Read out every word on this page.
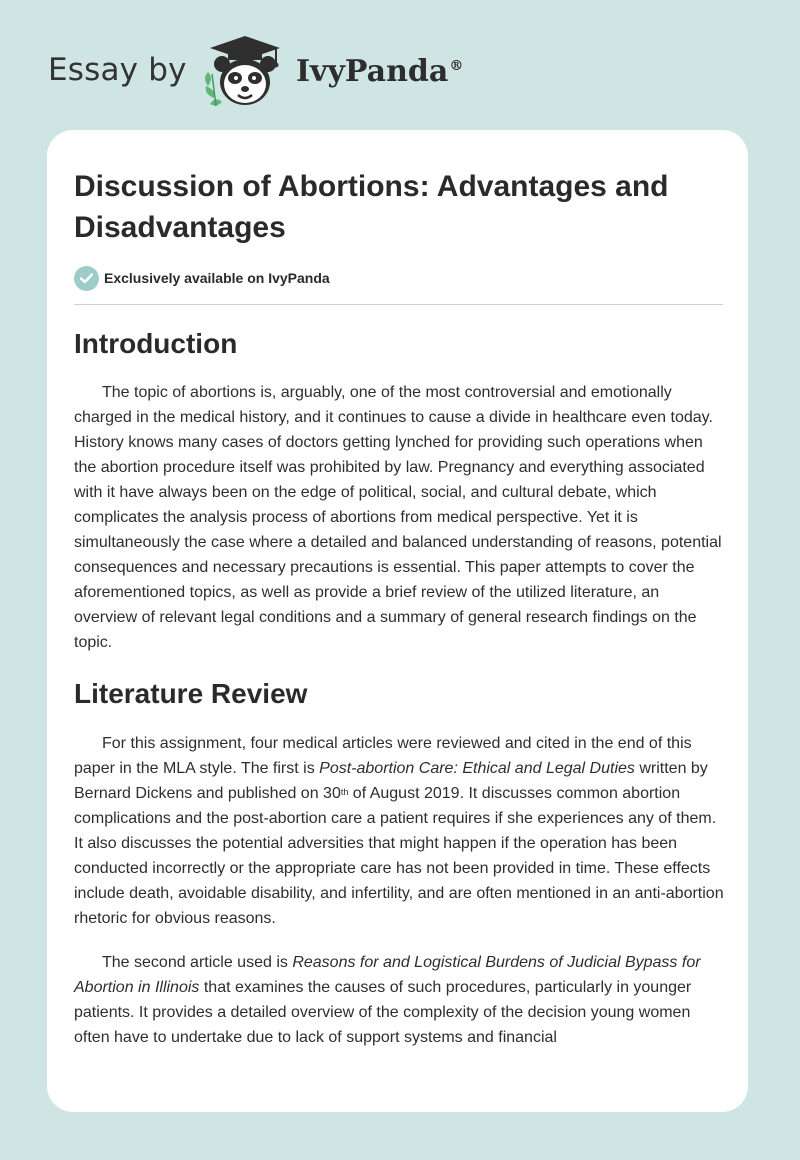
Essay by	IvyPanda®
Discussion of Abortions: Advantages and Disadvantages
Exclusively available on IvyPanda
Introduction

The topic of abortions is, arguably, one of the most controversial and emotionally charged in the medical history, and it continues to cause a divide in healthcare even today. History knows many cases of doctors getting lynched for providing such operations when the abortion procedure itself was prohibited by law. Pregnancy and everything associated with it have always been on the edge of political, social, and cultural debate, which complicates the analysis process of abortions from medical perspective. Yet it is simultaneously the case where a detailed and balanced understanding of reasons, potential consequences and necessary precautions is essential. This paper attempts to cover the aforementioned topics, as well as provide a brief review of the utilized literature, an overview of relevant legal conditions and a summary of general research findings on the topic.

Literature Review

For this assignment, four medical articles were reviewed and cited in the end of this paper in the MLA style. The first is Post-abortion Care: Ethical and Legal Duties written by Bernard Dickens and published on 30th of August 2019. It discusses common abortion complications and the post-abortion care a patient requires if she experiences any of them. It also discusses the potential adversities that might happen if the operation has been conducted incorrectly or the appropriate care has not been provided in time. These effects include death, avoidable disability, and infertility, and are often mentioned in an anti-abortion rhetoric for obvious reasons.

The second article used is Reasons for and Logistical Burdens of Judicial Bypass for Abortion in Illinois that examines the causes of such procedures, particularly in younger patients. It provides a detailed overview of the complexity of the decision young women often have to undertake due to lack of support systems and financial
